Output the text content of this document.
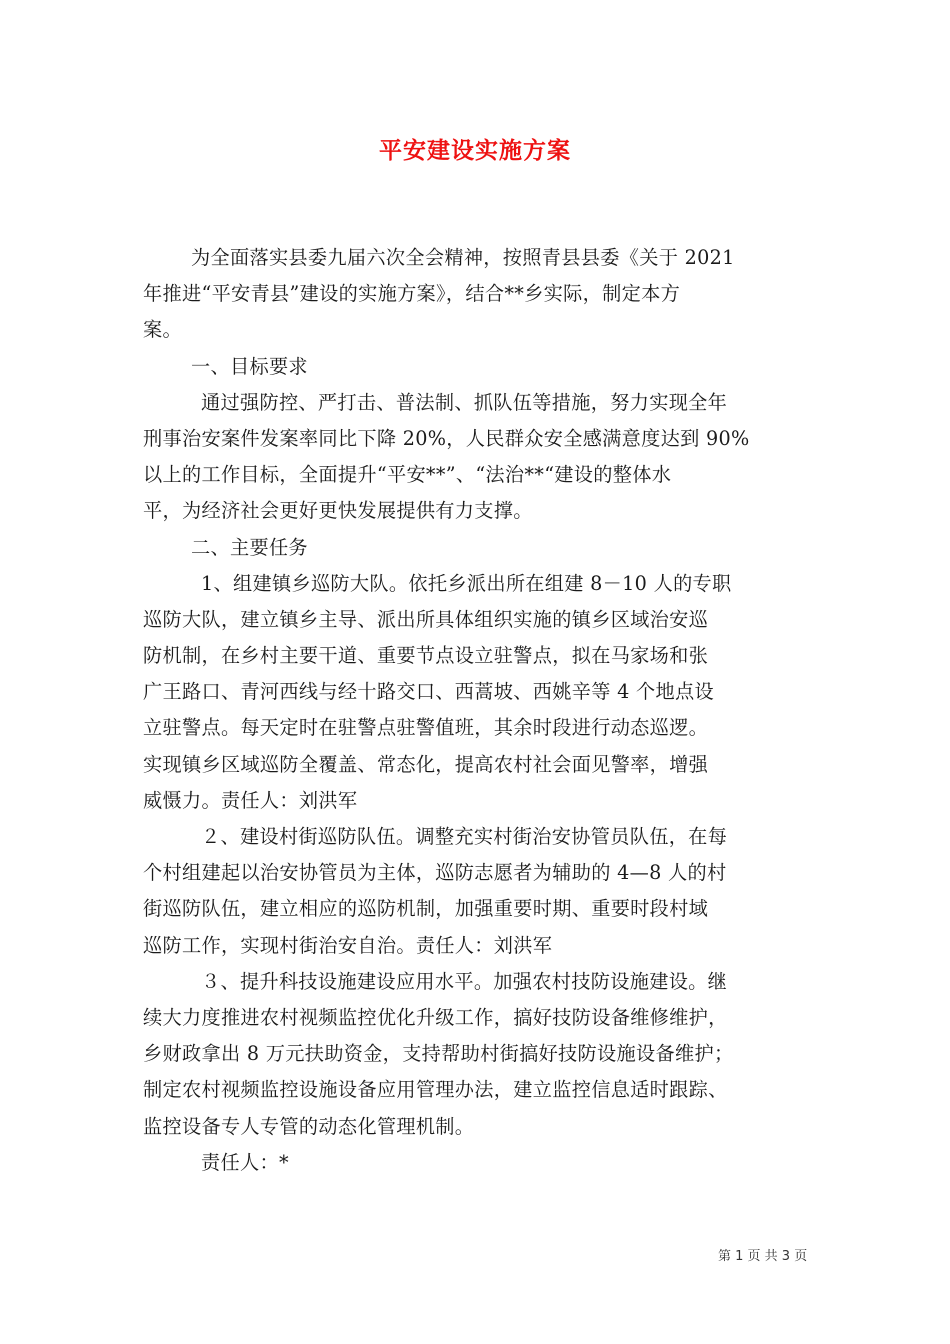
平安建设实施方案
为全面落实县委九届六次全会精神，按照青县县委《关于 2021
年推进“平安青县”建设的实施方案》，结合**乡实际，制定本方
案。
一、目标要求
通过强防控、严打击、普法制、抓队伍等措施，努力实现全年
刑事治安案件发案率同比下降 20%，人民群众安全感满意度达到 90%
以上的工作目标，全面提升“平安**”、“法治**“建设的整体水
平，为经济社会更好更快发展提供有力支撑。
二、主要任务
1、组建镇乡巡防大队。依托乡派出所在组建 8－10 人的专职
巡防大队，建立镇乡主导、派出所具体组织实施的镇乡区域治安巡
防机制，在乡村主要干道、重要节点设立驻警点，拟在马家场和张
广王路口、青河西线与经十路交口、西蒿坡、西姚辛等 4 个地点设
立驻警点。每天定时在驻警点驻警值班，其余时段进行动态巡逻。
实现镇乡区域巡防全覆盖、常态化，提高农村社会面见警率，增强
威慑力。责任人：刘洪军
２、建设村街巡防队伍。调整充实村街治安协管员队伍，在每
个村组建起以治安协管员为主体，巡防志愿者为辅助的 4—8 人的村
街巡防队伍，建立相应的巡防机制，加强重要时期、重要时段村域
巡防工作，实现村街治安自治。责任人：刘洪军
３、提升科技设施建设应用水平。加强农村技防设施建设。继
续大力度推进农村视频监控优化升级工作，搞好技防设备维修维护，
乡财政拿出 8 万元扶助资金，支持帮助村街搞好技防设施设备维护；
制定农村视频监控设施设备应用管理办法，建立监控信息适时跟踪、
监控设备专人专管的动态化管理机制。
责任人：*
第 1 页 共 3 页
